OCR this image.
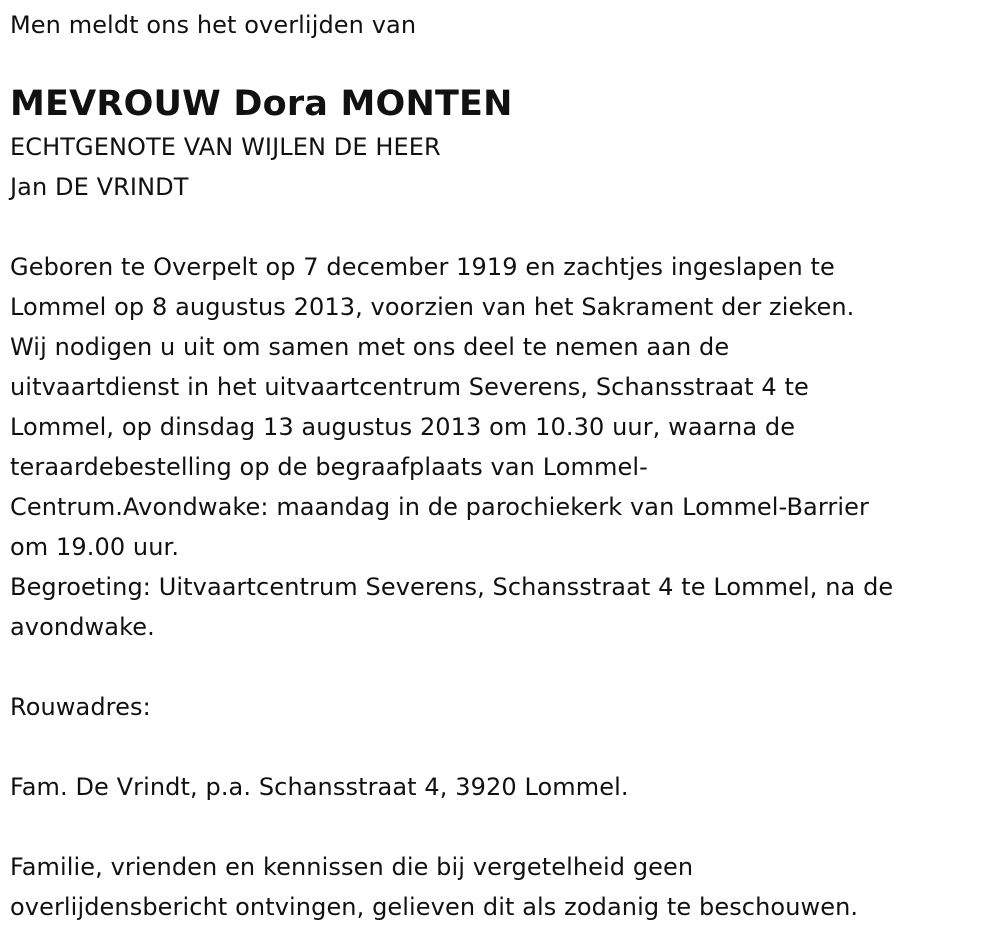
Men meldt ons het overlijden van

MEVROUW Dora MONTEN

ECHTGENOTE VAN WIJLEN DE HEER

Jan DE VRINDT

Geboren te Overpelt op 7 december 1919 en zachtjes ingeslapen te
Lommel op 8 augustus 2013, voorzien van het Sakrament der zieken.
Wij nodigen u uit om samen met ons deel te nemen aan de
uitvaartdienst in het uitvaartcentrum Severens, Schansstraat 4 te
Lommel, op dinsdag 13 augustus 2013 om 10.30 uur, waarna de
teraardebestelling op de begraafplaats van Lommel-
Centrum.Avondwake: maandag in de parochiekerk van Lommel-Barrier
om 19.00 uur.
Begroeting: Uitvaartcentrum Severens, Schansstraat 4 te Lommel, na de
avondwake.

Rouwadres:

Fam. De Vrindt, p.a. Schansstraat 4, 3920 Lommel.

Familie, vrienden en kennissen die bij vergetelheid geen
overlijdensbericht ontvingen, gelieven dit als zodanig te beschouwen.
